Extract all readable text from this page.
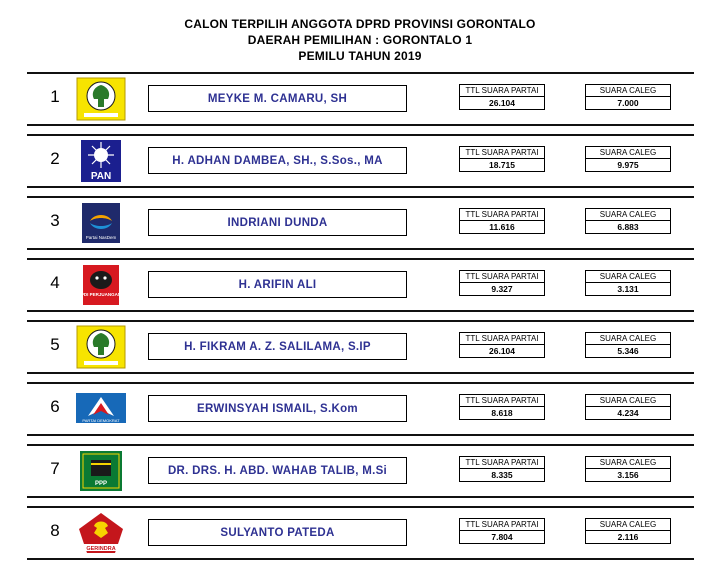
CALON TERPILIH ANGGOTA DPRD PROVINSI GORONTALO
DAERAH PEMILIHAN : GORONTALO 1
PEMILU TAHUN 2019
1	MEYKE M. CAMARU, SH
TTL SUARA PARTAI
26.104
SUARA CALEG
7.000
2
PAN
H. ADHAN DAMBEA, SH., S.Sos., MA
TTL SUARA PARTAI
18.715
SUARA CALEG
9.975
3
Partai NasDem
INDRIANI DUNDA
TTL SUARA PARTAI
11.616
SUARA CALEG
6.883
4
PDI PERJUANGAN
H. ARIFIN ALI
TTL SUARA PARTAI
9.327
SUARA CALEG
3.131
5	H. FIKRAM A. Z. SALILAMA, S.IP
TTL SUARA PARTAI
26.104
SUARA CALEG
5.346
6
PARTAI DEMOKRAT
ERWINSYAH ISMAIL, S.Kom
TTL SUARA PARTAI
8.618
SUARA CALEG
4.234
7
PPP
DR. DRS. H. ABD. WAHAB TALIB, M.Si
TTL SUARA PARTAI
8.335
SUARA CALEG
3.156
8
GERINDRA
SULYANTO PATEDA
TTL SUARA PARTAI
7.804
SUARA CALEG
2.116
